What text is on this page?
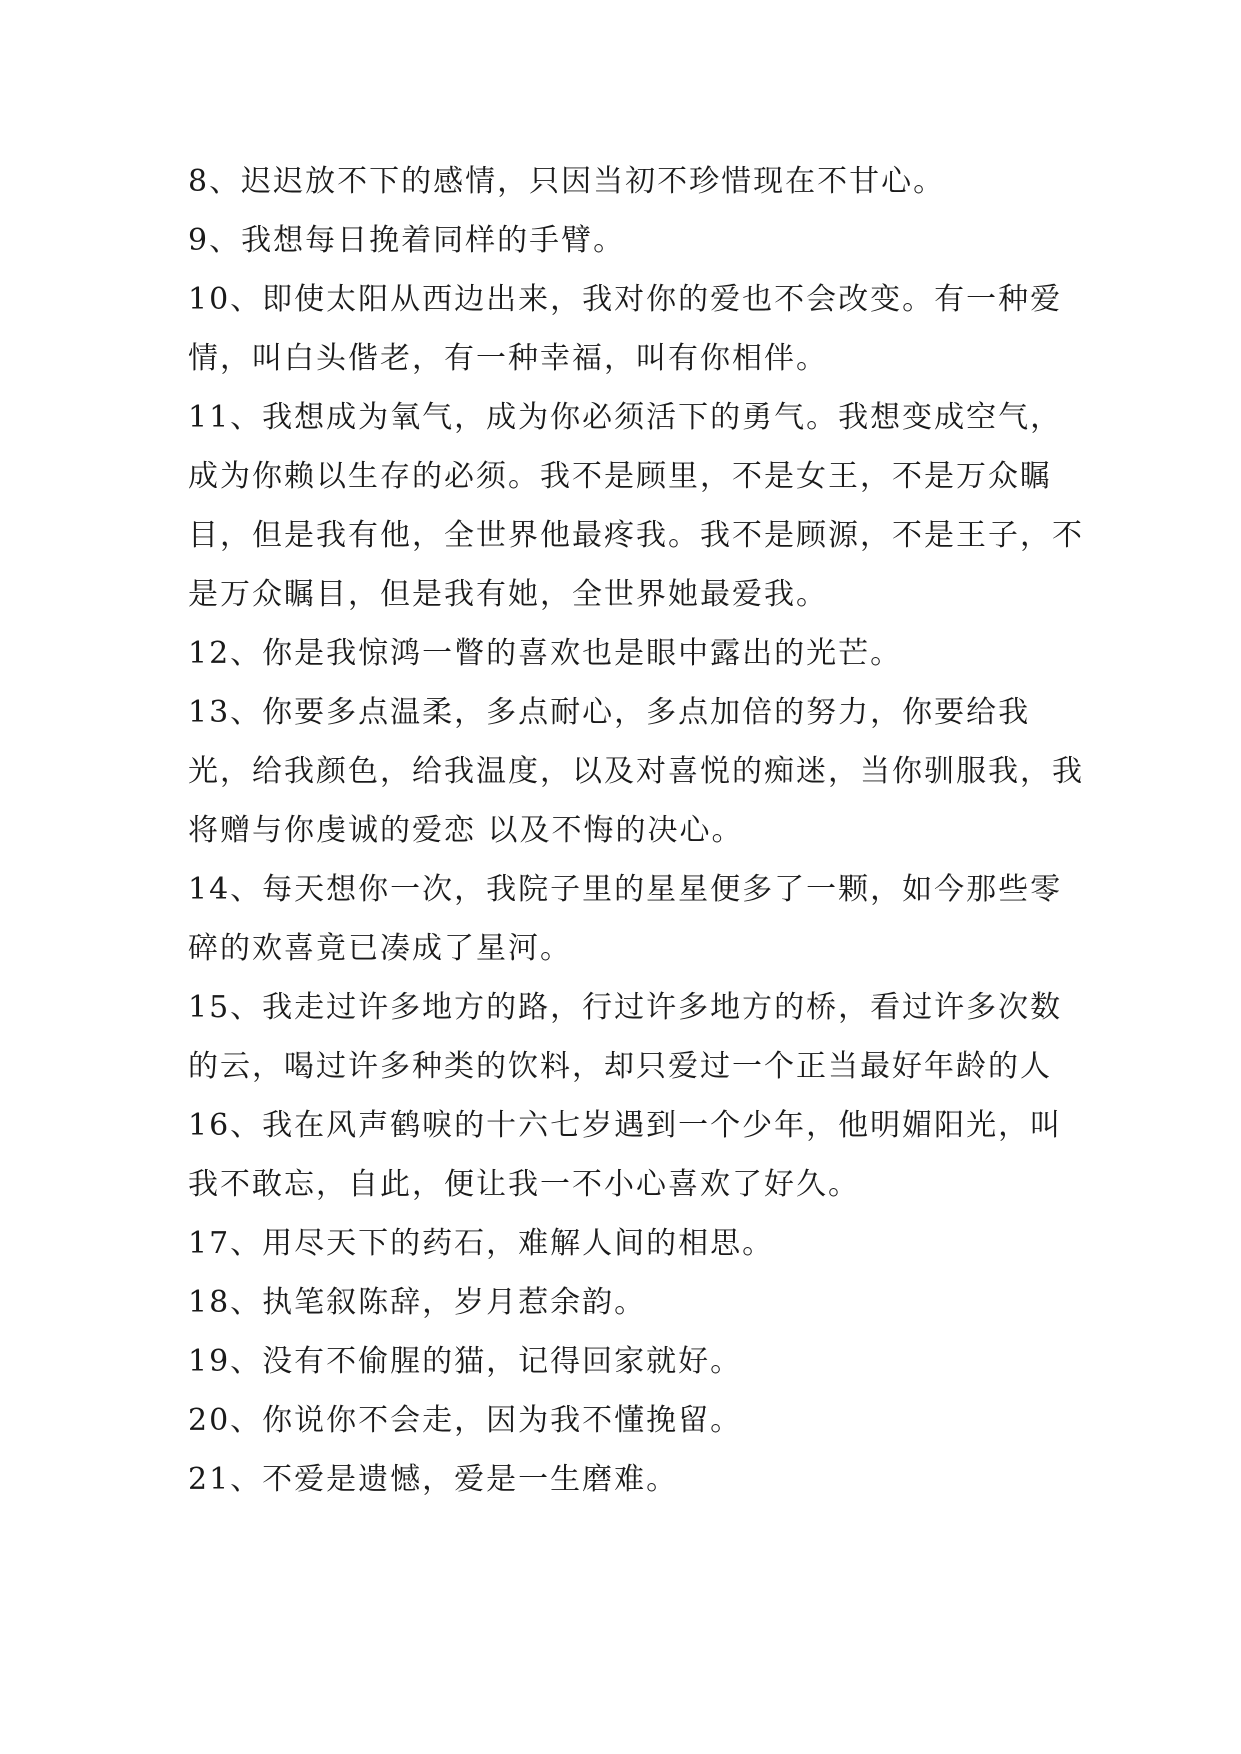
8、迟迟放不下的感情，只因当初不珍惜现在不甘心。

9、我想每日挽着同样的手臂。

10、即使太阳从西边出来，我对你的爱也不会改变。有一种爱情，叫白头偕老，有一种幸福，叫有你相伴。

11、我想成为氧气，成为你必须活下的勇气。我想变成空气，成为你赖以生存的必须。我不是顾里，不是女王，不是万众瞩目，但是我有他，全世界他最疼我。我不是顾源，不是王子，不是万众瞩目，但是我有她，全世界她最爱我。

12、你是我惊鸿一瞥的喜欢也是眼中露出的光芒。

13、你要多点温柔，多点耐心，多点加倍的努力，你要给我光，给我颜色，给我温度，以及对喜悦的痴迷，当你驯服我，我将赠与你虔诚的爱恋 以及不悔的决心。

14、每天想你一次，我院子里的星星便多了一颗，如今那些零碎的欢喜竟已凑成了星河。

15、我走过许多地方的路，行过许多地方的桥，看过许多次数的云，喝过许多种类的饮料，却只爱过一个正当最好年龄的人

16、我在风声鹤唳的十六七岁遇到一个少年，他明媚阳光，叫我不敢忘，自此，便让我一不小心喜欢了好久。

17、用尽天下的药石，难解人间的相思。

18、执笔叙陈辞，岁月惹余韵。

19、没有不偷腥的猫，记得回家就好。

20、你说你不会走，因为我不懂挽留。

21、不爱是遗憾，爱是一生磨难。
